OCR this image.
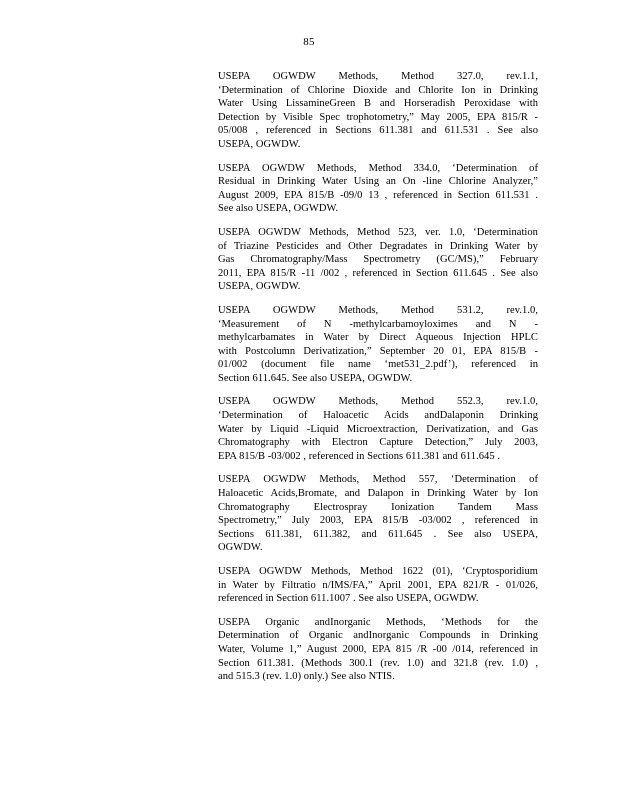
85
USEPA OGWDW Methods, Method 327.0, rev.1.1,
‘Determination of Chlorine Dioxide and Chlorite Ion in Drinking
Water Using LissamineGreen B and Horseradish Peroxidase with
Detection by Visible Spec trophotometry,” May 2005, EPA 815/R -
05/008 , referenced in Sections 611.381 and 611.531 . See also
USEPA, OGWDW.
USEPA OGWDW Methods, Method 334.0, ‘Determination of
Residual in Drinking Water Using an On -line Chlorine Analyzer,”
August 2009, EPA 815/B -09/0 13 , referenced in Section 611.531 .
See also USEPA, OGWDW.
USEPA OGWDW Methods, Method 523, ver. 1.0, ‘Determination
of Triazine Pesticides and Other Degradates in Drinking Water by
Gas Chromatography/Mass Spectrometry (GC/MS),” February
2011, EPA 815/R -11 /002 , referenced in Section 611.645 . See also
USEPA, OGWDW.
USEPA OGWDW Methods, Method 531.2, rev.1.0,
‘Measurement of N -methylcarbamoyloximes and N -
methylcarbamates in Water by Direct Aqueous Injection HPLC
with Postcolumn Derivatization,” September 20 01, EPA 815/B -
01/002 (document file name ‘met531_2.pdf’), referenced in
Section 611.645. See also USEPA, OGWDW.
USEPA OGWDW Methods, Method 552.3, rev.1.0,
‘Determination of Haloacetic Acids andDalaponin Drinking
Water by Liquid -Liquid Microextraction, Derivatization, and Gas
Chromatography with Electron Capture Detection,” July 2003,
EPA 815/B -03/002 , referenced in Sections 611.381 and 611.645 .
USEPA OGWDW Methods, Method 557, ‘Determination of
Haloacetic Acids,Bromate, and Dalapon in Drinking Water by Ion
Chromatography Electrospray Ionization Tandem Mass
Spectrometry,” July 2003, EPA 815/B -03/002 , referenced in
Sections 611.381, 611.382, and 611.645 . See also USEPA,
OGWDW.
USEPA OGWDW Methods, Method 1622 (01), ‘Cryptosporidium
in Water by Filtratio n/IMS/FA,” April 2001, EPA 821/R - 01/026,
referenced in Section 611.1007 . See also USEPA, OGWDW.
USEPA Organic andInorganic Methods, ‘Methods for the
Determination of Organic andInorganic Compounds in Drinking
Water, Volume 1,” August 2000, EPA 815 /R -00 /014, referenced in
Section 611.381. (Methods 300.1 (rev. 1.0) and 321.8 (rev. 1.0) ,
and 515.3 (rev. 1.0) only.) See also NTIS.
